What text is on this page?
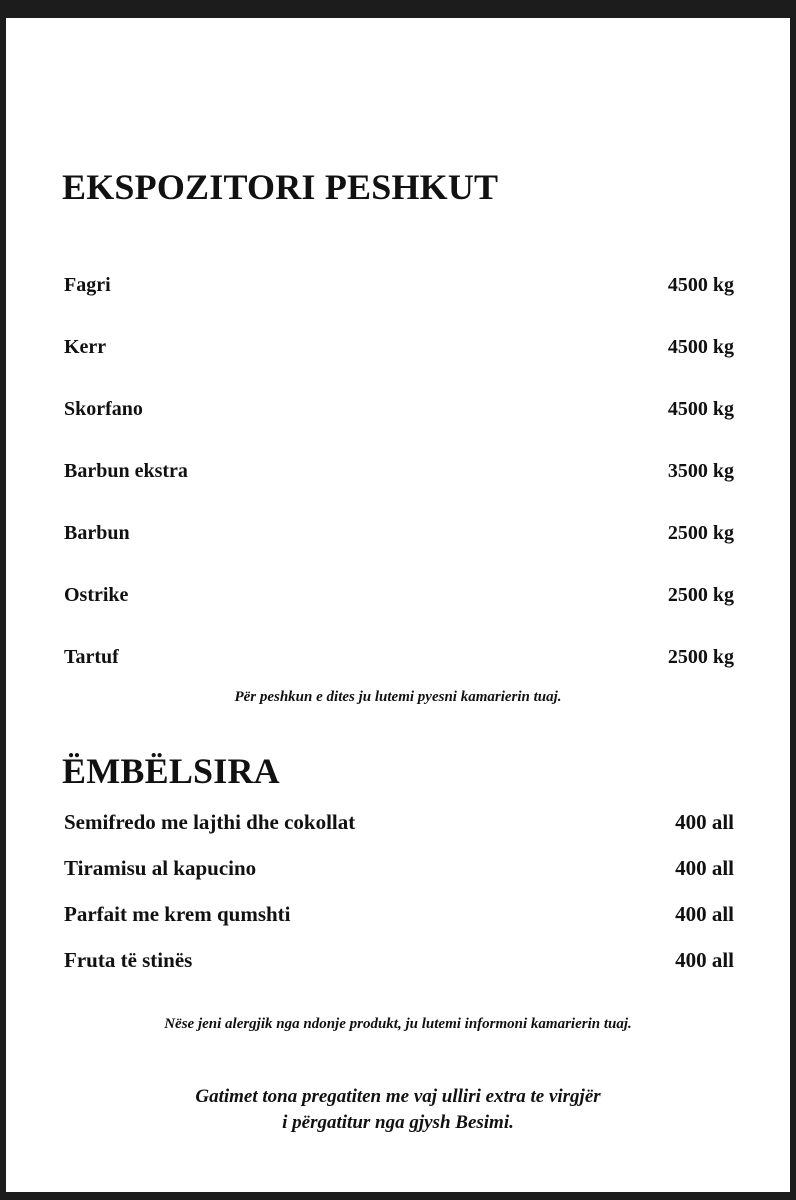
EKSPOZITORI PESHKUT
Fagri	4500 kg
Kerr	4500 kg
Skorfano	4500 kg
Barbun ekstra	3500 kg
Barbun	2500 kg
Ostrike	2500 kg
Tartuf	2500 kg
Për peshkun e dites ju lutemi pyesni kamarierin tuaj.
ËMBËLSIRA
Semifredo me lajthi dhe cokollat	400 all
Tiramisu al kapucino	400 all
Parfait me krem qumshti	400 all
Fruta të stinës	400 all
Nëse jeni alergjik nga ndonje produkt, ju lutemi informoni kamarierin tuaj.
Gatimet tona pregatiten me vaj ulliri extra te virgjër
i përgatitur nga gjysh Besimi.
